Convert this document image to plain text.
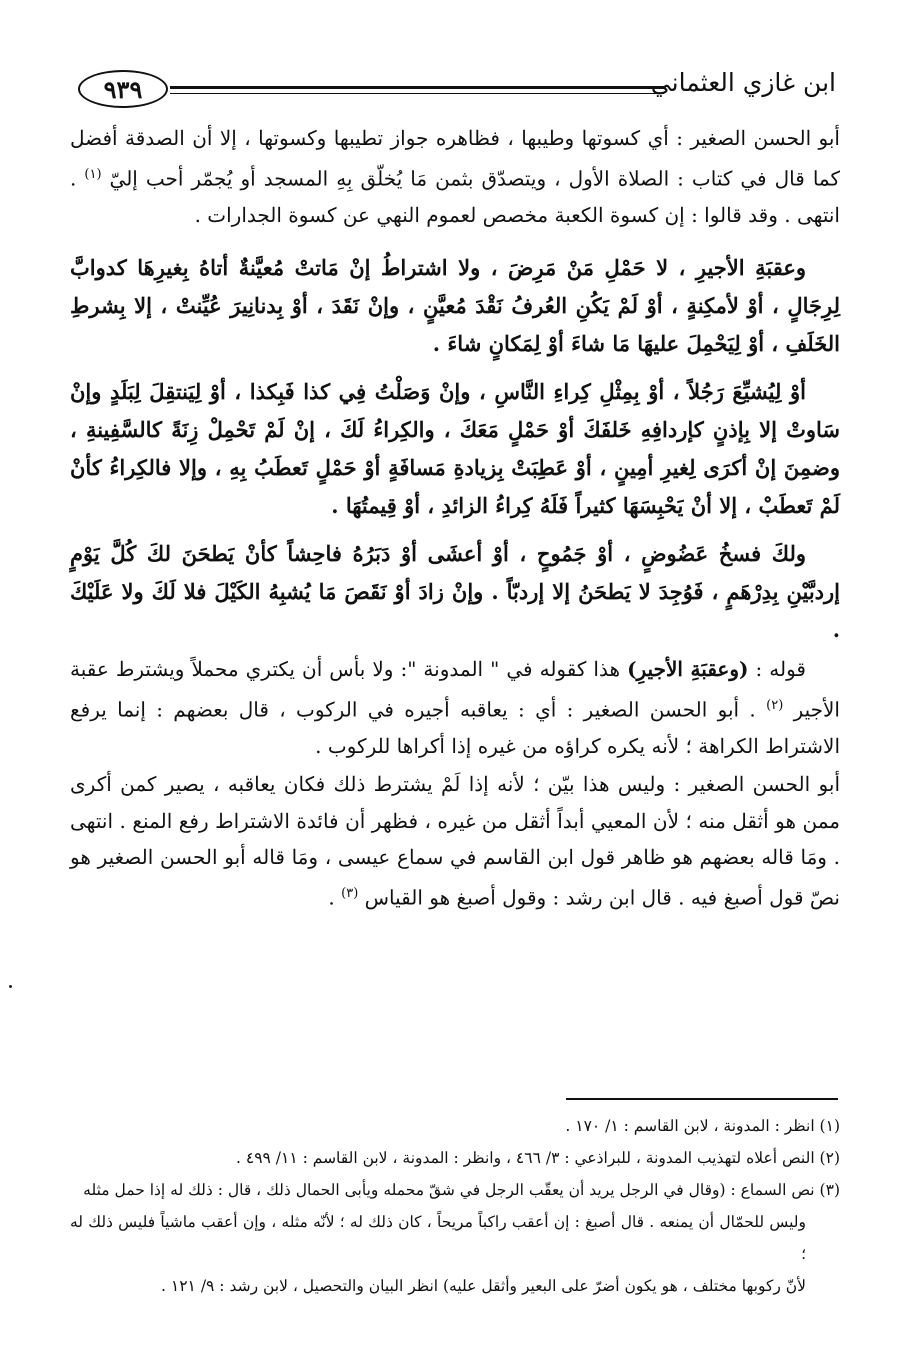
٩٣٩	ابن غازي العثماني

أبو الحسن الصغير : أي كسوتها وطيبها ، فظاهره جواز تطيبها وكسوتها ، إلا أن الصدقة أفضل كما قال في كتاب : الصلاة الأول ، ويتصدّق بثمن مَا يُخلّق بِهِ المسجد أو يُجمّر أحب إليّ $^{(١)}$ . انتهى . وقد قالوا : إن كسوة الكعبة مخصص لعموم النهي عن كسوة الجدارات .

وعقبَةِ الأجيرِ ، لا حَمْلِ مَنْ مَرِضَ ، ولا اشتراطُ إنْ مَاتتْ مُعيَّنةٌ أتاهُ بِغيرِهَا كدوابَّ لِرِجَالٍ ، أوْ لأمكِنةٍ ، أوْ لَمْ يَكُنِ العُرفُ نَقْدَ مُعيَّنٍ ، وإنْ نَقَدَ ، أوْ بِدنانِيرَ عُيِّنتْ ، إلا بِشرطِ الخَلَفِ ، أوْ لِيَحْمِلَ عليهَا مَا شاءَ أوْ لِمَكانٍ شاءَ .

أوْ لِيُشيِّعَ رَجُلاً ، أوْ بِمِثْلِ كِراءِ النَّاسِ ، وإنْ وَصَلْتُ فِي كذا فَبِكذا ، أوْ لِيَنتقِلَ لِبَلَدٍ وإنْ سَاوتْ إلا بِإذنٍ كإردافِهِ خَلفَكَ أوْ حَمْلٍ مَعَكَ ، والكِراءُ لَكَ ، إنْ لَمْ تَحْمِلْ زِنَةً كالسَّفِينةِ ، وضمِنَ إنْ أكرَى لِغيرِ أمِينٍ ، أوْ عَطِبَتْ بِزيادةِ مَسافَةٍ أوْ حَمْلٍ تَعطَبُ بِهِ ، وإلا فالكِراءُ كأنْ لَمْ تَعطَبْ ، إلا أنْ يَحْبِسَهَا كثيراً فَلَهُ كِراءُ الزائدِ ، أوْ قِيمتُهَا .

ولكَ فسخُ عَضُوضٍ ، أوْ جَمُوحٍ ، أوْ أعشَى أوْ دَبَرُهُ فاحِشاً كأنْ يَطحَنَ لكَ كُلَّ يَوْمٍ إردبَّيْنِ بِدِرْهَمٍ ، فَوُجِدَ لا يَطحَنُ إلا إردبّاً . وإنْ زادَ أوْ نَقَصَ مَا يُشبِهُ الكَيْلَ فلا لَكَ ولا عَلَيْكَ .

قوله : (وعقبَةِ الأجيرِ) هذا كقوله في " المدونة ": ولا بأس أن يكتري محملاً ويشترط عقبة الأجير $^{(٢)}$ . أبو الحسن الصغير : أي : يعاقبه أجيره في الركوب ، قال بعضهم : إنما يرفع الاشتراط الكراهة ؛ لأنه يكره كراؤه من غيره إذا أكراها للركوب .

أبو الحسن الصغير : وليس هذا بيّن ؛ لأنه إذا لَمْ يشترط ذلك فكان يعاقبه ، يصير كمن أكرى ممن هو أثقل منه ؛ لأن المعيي أبداً أثقل من غيره ، فظهر أن فائدة الاشتراط رفع المنع . انتهى . ومَا قاله بعضهم هو ظاهر قول ابن القاسم في سماع عيسى ، ومَا قاله أبو الحسن الصغير هو نصّ قول أصبغ فيه . قال ابن رشد : وقول أصبغ هو القياس $^{(٣)}$ .

(١) انظر : المدونة ، لابن القاسم : ١/ ١٧٠ .

(٢) النص أعلاه لتهذيب المدونة ، للبراذعي : ٣/ ٤٦٦ ، وانظر : المدونة ، لابن القاسم : ١١/ ٤٩٩ .

(٣) نص السماع : (وقال في الرجل يريد أن يعقّب الرجل في شقّ محمله ويأبى الحمال ذلك ، قال : ذلك له إذا حمل مثله

وليس للحمّال أن يمنعه . قال أصبغ : إن أعقب راكباً مريحاً ، كان ذلك له ؛ لأنّه مثله ، وإن أعقب ماشياً فليس ذلك له ؛

لأنّ ركوبها مختلف ، هو يكون أضرّ على البعير وأثقل عليه) انظر البيان والتحصيل ، لابن رشد : ٩/ ١٢١ .
